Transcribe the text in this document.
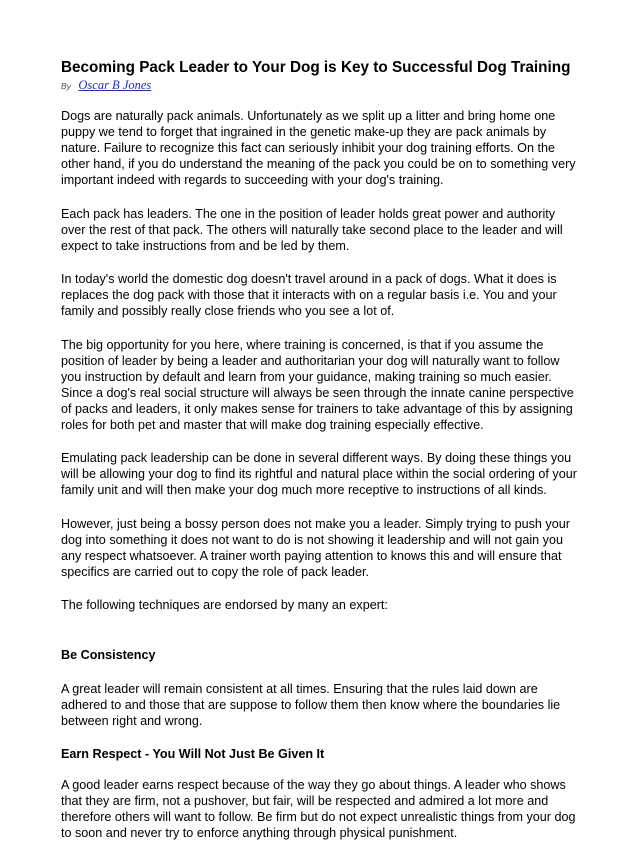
Becoming Pack Leader to Your Dog is Key to Successful Dog Training
By Oscar B Jones

Dogs are naturally pack animals. Unfortunately as we split up a litter and bring home one puppy we tend to forget that ingrained in the genetic make-up they are pack animals by nature. Failure to recognize this fact can seriously inhibit your dog training efforts. On the other hand, if you do understand the meaning of the pack you could be on to something very important indeed with regards to succeeding with your dog's training.

Each pack has leaders. The one in the position of leader holds great power and authority over the rest of that pack. The others will naturally take second place to the leader and will expect to take instructions from and be led by them.

In today's world the domestic dog doesn't travel around in a pack of dogs. What it does is replaces the dog pack with those that it interacts with on a regular basis i.e. You and your family and possibly really close friends who you see a lot of.

The big opportunity for you here, where training is concerned, is that if you assume the position of leader by being a leader and authoritarian your dog will naturally want to follow you instruction by default and learn from your guidance, making training so much easier. Since a dog's real social structure will always be seen through the innate canine perspective of packs and leaders, it only makes sense for trainers to take advantage of this by assigning roles for both pet and master that will make dog training especially effective.

Emulating pack leadership can be done in several different ways. By doing these things you will be allowing your dog to find its rightful and natural place within the social ordering of your family unit and will then make your dog much more receptive to instructions of all kinds.

However, just being a bossy person does not make you a leader. Simply trying to push your dog into something it does not want to do is not showing it leadership and will not gain you any respect whatsoever. A trainer worth paying attention to knows this and will ensure that specifics are carried out to copy the role of pack leader.

The following techniques are endorsed by many an expert:

Be Consistency

A great leader will remain consistent at all times. Ensuring that the rules laid down are adhered to and those that are suppose to follow them then know where the boundaries lie between right and wrong.

Earn Respect - You Will Not Just Be Given It

A good leader earns respect because of the way they go about things. A leader who shows that they are firm, not a pushover, but fair, will be respected and admired a lot more and therefore others will want to follow. Be firm but do not expect unrealistic things from your dog to soon and never try to enforce anything through physical punishment.
